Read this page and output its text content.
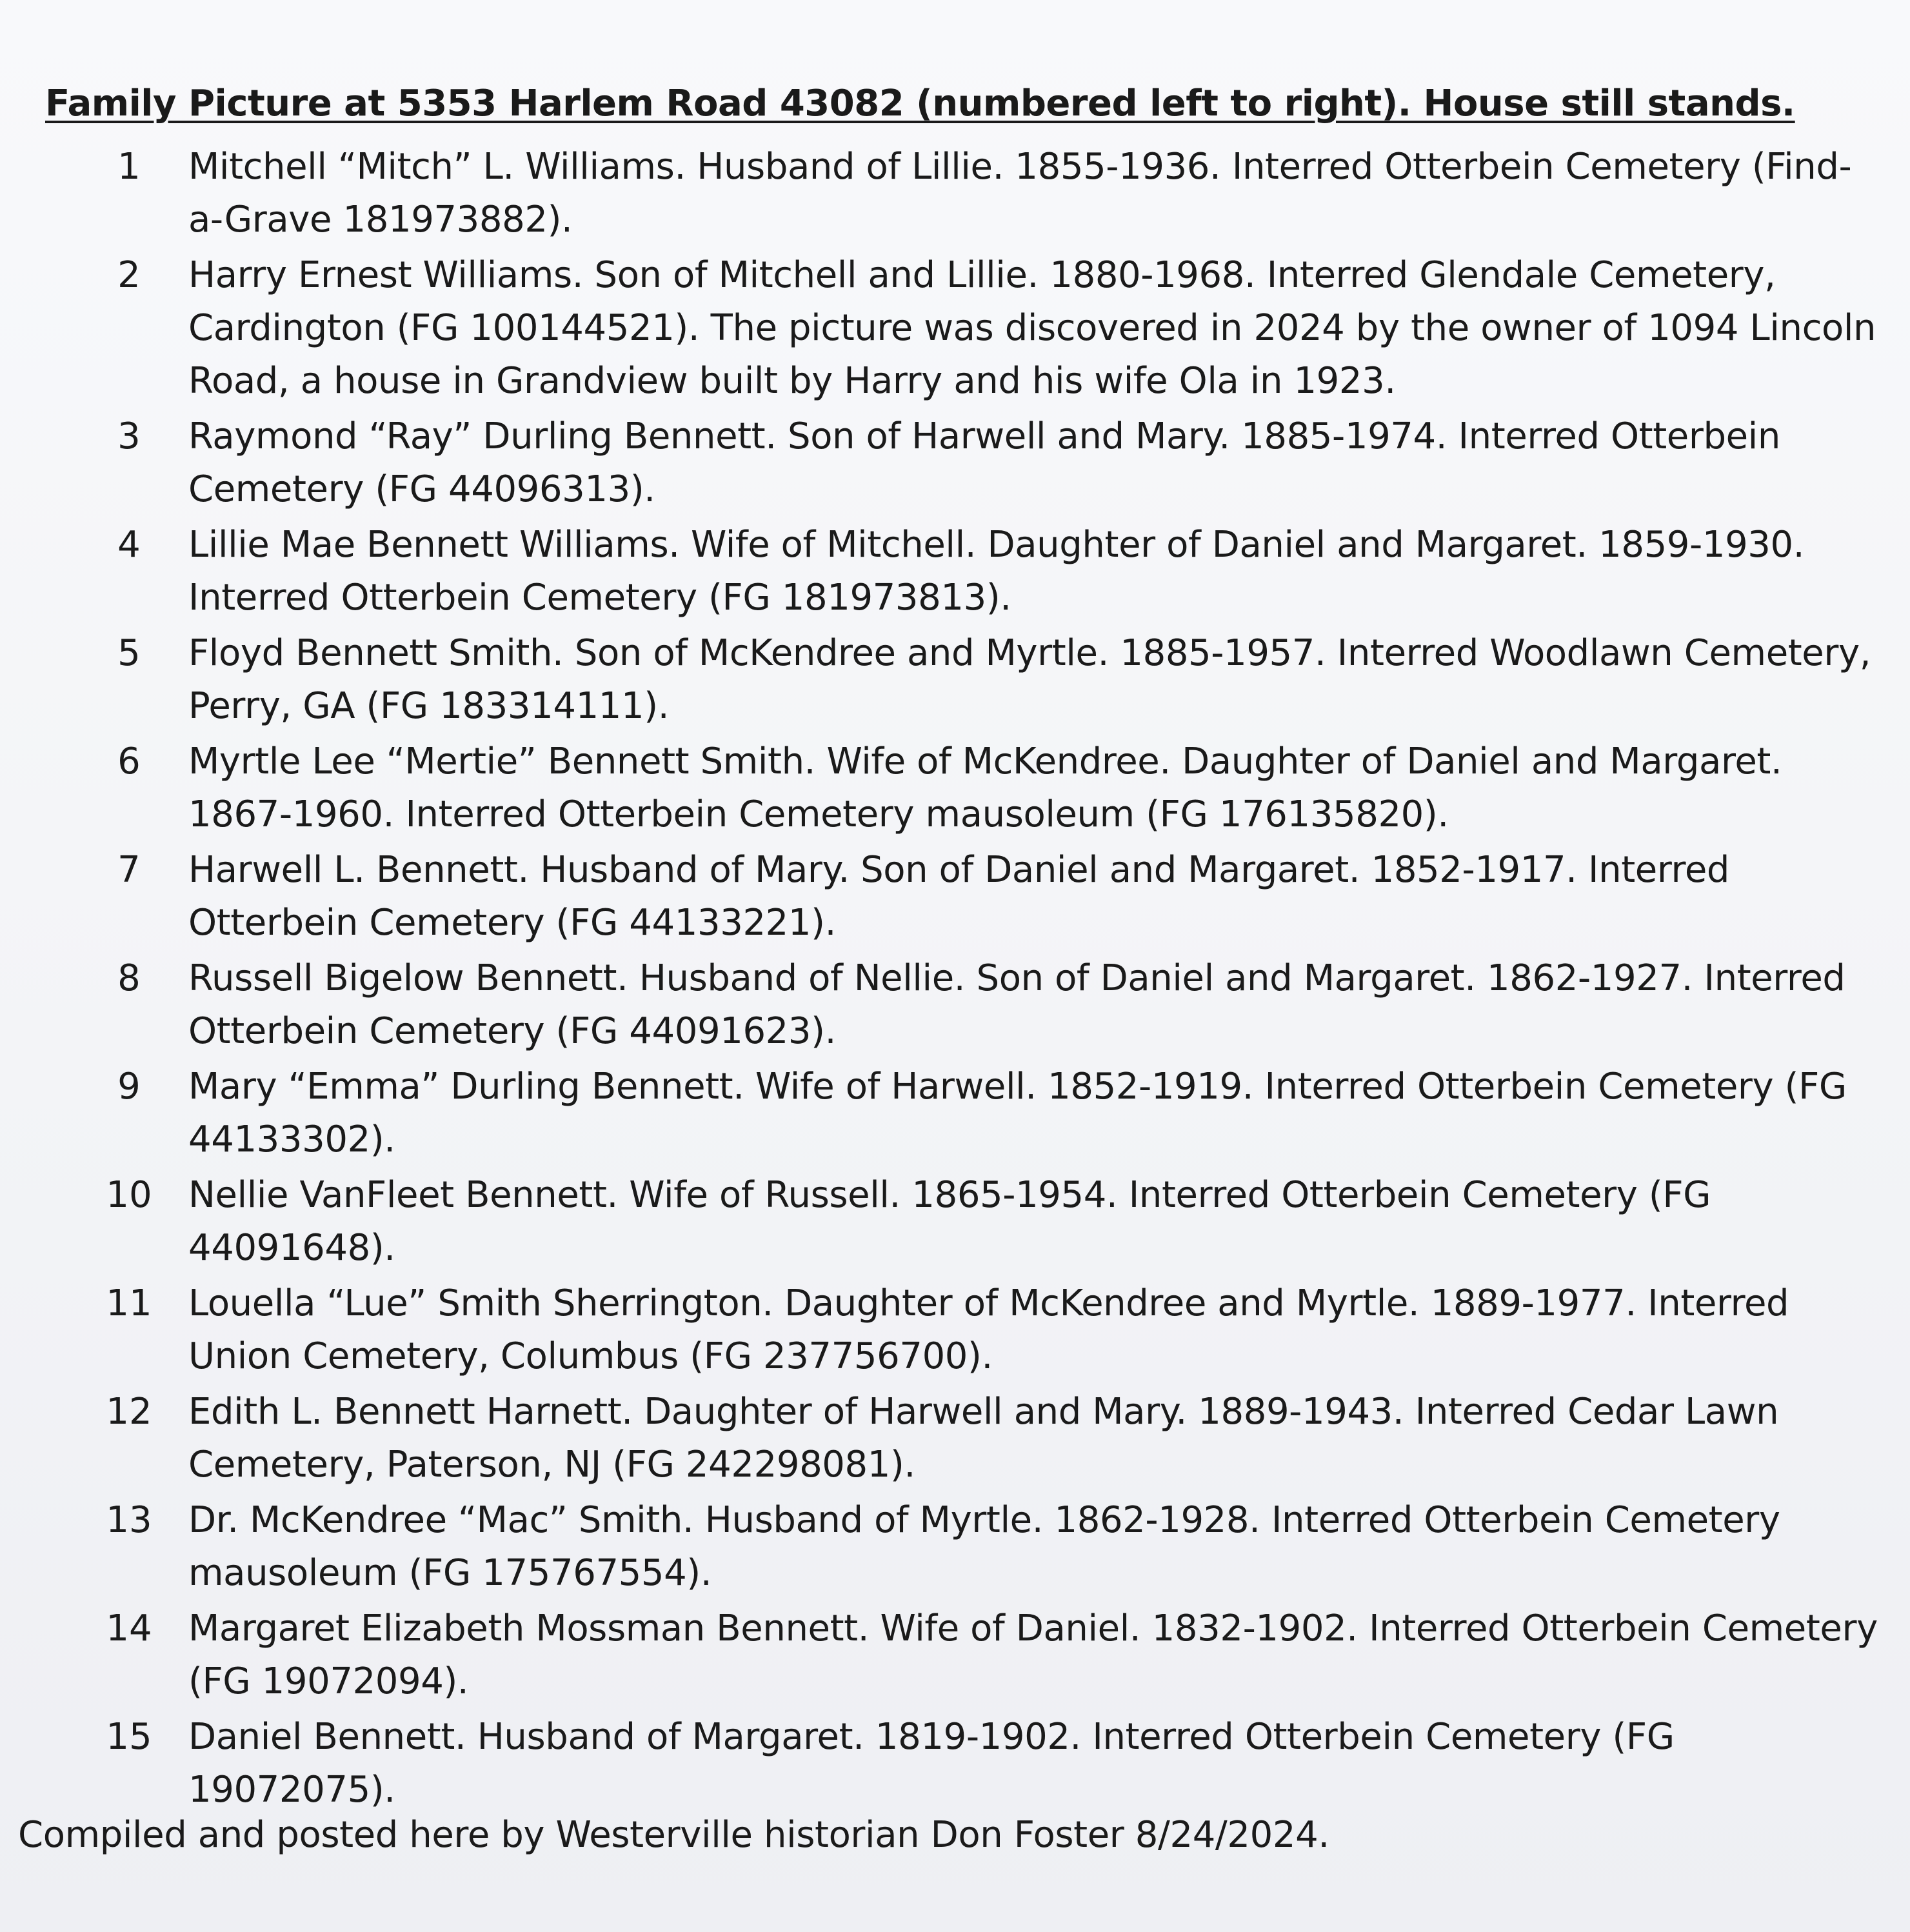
Family Picture at 5353 Harlem Road 43082 (numbered left to right). House still stands.
1	Mitchell “Mitch” L. Williams. Husband of Lillie. 1855-1936. Interred Otterbein Cemetery (Find-a-Grave 181973882).
2	Harry Ernest Williams. Son of Mitchell and Lillie. 1880-1968. Interred Glendale Cemetery, Cardington (FG 100144521). The picture was discovered in 2024 by the owner of 1094 Lincoln Road, a house in Grandview built by Harry and his wife Ola in 1923.
3	Raymond “Ray” Durling Bennett. Son of Harwell and Mary. 1885-1974. Interred Otterbein Cemetery (FG 44096313).
4	Lillie Mae Bennett Williams. Wife of Mitchell. Daughter of Daniel and Margaret. 1859-1930. Interred Otterbein Cemetery (FG 181973813).
5	Floyd Bennett Smith. Son of McKendree and Myrtle. 1885-1957. Interred Woodlawn Cemetery, Perry, GA (FG 183314111).
6	Myrtle Lee “Mertie” Bennett Smith. Wife of McKendree. Daughter of Daniel and Margaret. 1867-1960. Interred Otterbein Cemetery mausoleum (FG 176135820).
7	Harwell L. Bennett. Husband of Mary. Son of Daniel and Margaret. 1852-1917. Interred Otterbein Cemetery (FG 44133221).
8	Russell Bigelow Bennett. Husband of Nellie. Son of Daniel and Margaret. 1862-1927. Interred Otterbein Cemetery (FG 44091623).
9	Mary “Emma” Durling Bennett. Wife of Harwell. 1852-1919. Interred Otterbein Cemetery (FG 44133302).
10	Nellie VanFleet Bennett. Wife of Russell. 1865-1954. Interred Otterbein Cemetery (FG 44091648).
11	Louella “Lue” Smith Sherrington. Daughter of McKendree and Myrtle. 1889-1977. Interred Union Cemetery, Columbus (FG 237756700).
12	Edith L. Bennett Harnett. Daughter of Harwell and Mary. 1889-1943. Interred Cedar Lawn Cemetery, Paterson, NJ (FG 242298081).
13	Dr. McKendree “Mac” Smith. Husband of Myrtle. 1862-1928. Interred Otterbein Cemetery mausoleum (FG 175767554).
14	Margaret Elizabeth Mossman Bennett. Wife of Daniel. 1832-1902. Interred Otterbein Cemetery (FG 19072094).
15	Daniel Bennett. Husband of Margaret. 1819-1902. Interred Otterbein Cemetery (FG 19072075).
Compiled and posted here by Westerville historian Don Foster 8/24/2024.
